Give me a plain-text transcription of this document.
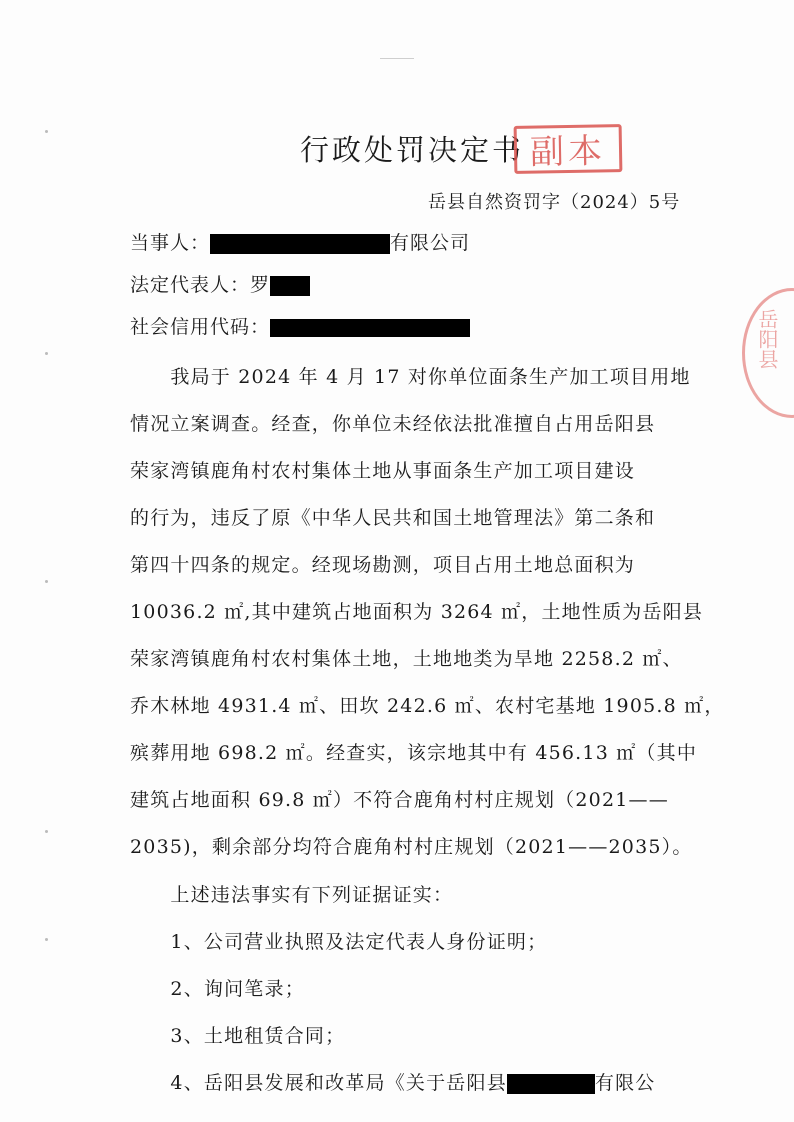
行政处罚决定书 副本
岳阳县
岳县自然资罚字（2024）5号
当事人：	有限公司
法定代表人：罗
社会信用代码：
　　我局于 2024 年 4 月 17 对你单位面条生产加工项目用地
情况立案调查。经查，你单位未经依法批准擅自占用岳阳县
荣家湾镇鹿角村农村集体土地从事面条生产加工项目建设
的行为，违反了原《中华人民共和国土地管理法》第二条和
第四十四条的规定。经现场勘测，项目占用土地总面积为
10036.2 ㎡,其中建筑占地面积为 3264 ㎡，土地性质为岳阳县
荣家湾镇鹿角村农村集体土地，土地地类为旱地 2258.2 ㎡、
乔木林地 4931.4 ㎡、田坎 242.6 ㎡、农村宅基地 1905.8 ㎡，
殡葬用地 698.2 ㎡。经查实，该宗地其中有 456.13 ㎡（其中
建筑占地面积 69.8 ㎡）不符合鹿角村村庄规划（2021——
2035)，剩余部分均符合鹿角村村庄规划（2021——2035）。
　　上述违法事实有下列证据证实：
　　1、公司营业执照及法定代表人身份证明；
　　2、询问笔录；
　　3、土地租赁合同；
　　4、岳阳县发展和改革局《关于岳阳县	有限公
